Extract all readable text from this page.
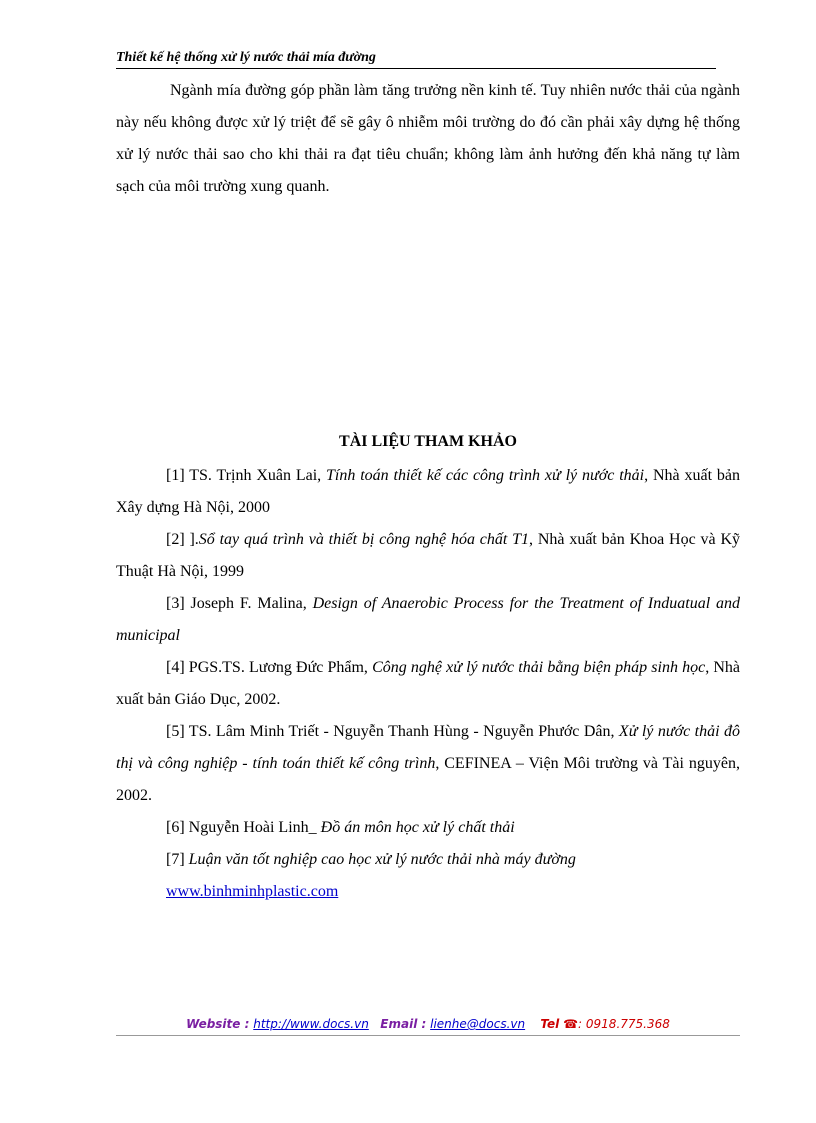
Thiết kế hệ thống xử lý nước thải mía đường

Ngành mía đường góp phần làm tăng trưởng nền kinh tế. Tuy nhiên nước thải của ngành này nếu không được xử lý triệt để sẽ gây ô nhiễm môi trường do đó cần phải xây dựng hệ thống xử lý nước thải sao cho khi thải ra đạt tiêu chuẩn; không làm ảnh hưởng đến khả năng tự làm sạch của môi trường xung quanh.

TÀI LIỆU THAM KHẢO

[1] TS. Trịnh Xuân Lai, Tính toán thiết kế các công trình xử lý nước thải, Nhà xuất bản Xây dựng Hà Nội, 2000

[2] ].Sổ tay quá trình và thiết bị công nghệ hóa chất T1, Nhà xuất bản Khoa Học và Kỹ Thuật Hà Nội, 1999

[3] Joseph F. Malina, Design of Anaerobic Process for the Treatment of Induatual and municipal

[4] PGS.TS. Lương Đức Phẩm, Công nghệ xử lý nước thải bằng biện pháp sinh học, Nhà xuất bản Giáo Dục, 2002.

[5] TS. Lâm Minh Triết - Nguyễn Thanh Hùng - Nguyễn Phước Dân, Xử lý nước thải đô thị và công nghiệp - tính toán thiết kế công trình, CEFINEA – Viện Môi trường và Tài nguyên, 2002.

[6] Nguyễn Hoài Linh_ Đồ án môn học xử lý chất thải

[7] Luận văn tốt nghiệp cao học xử lý nước thải nhà máy đường

www.binhminhplastic.com

Website : http://www.docs.vn Email : lienhe@docs.vn Tel ☎: 0918.775.368
